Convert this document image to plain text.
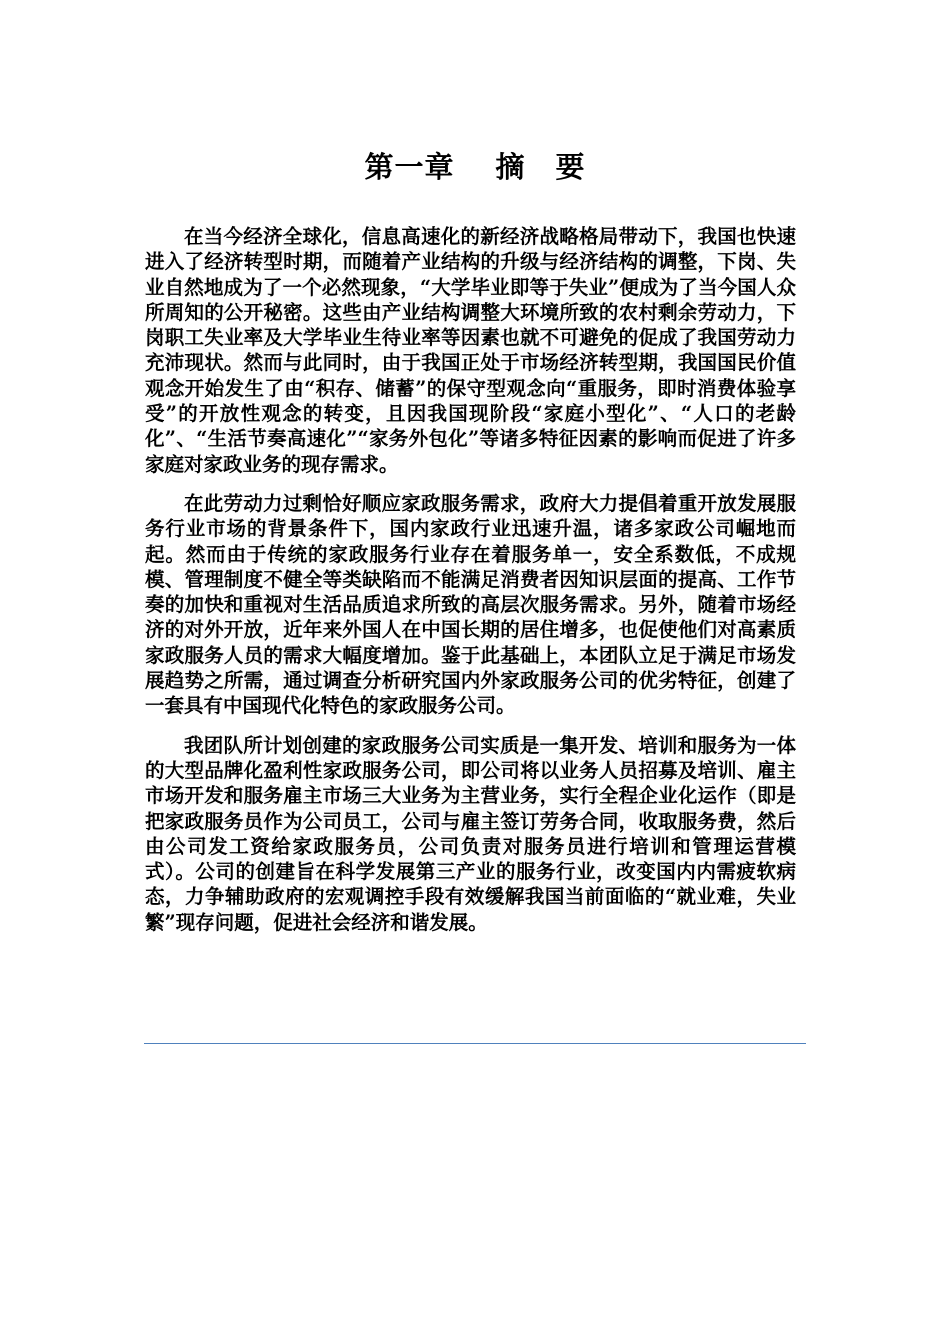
第一章　 摘　要

在当今经济全球化，信息高速化的新经济战略格局带动下，我国也快速进入了经济转型时期，而随着产业结构的升级与经济结构的调整，下岗、失业自然地成为了一个必然现象，“大学毕业即等于失业”便成为了当今国人众所周知的公开秘密。这些由产业结构调整大环境所致的农村剩余劳动力，下岗职工失业率及大学毕业生待业率等因素也就不可避免的促成了我国劳动力充沛现状。然而与此同时，由于我国正处于市场经济转型期，我国国民价值观念开始发生了由“积存、储蓄”的保守型观念向“重服务，即时消费体验享受”的开放性观念的转变，且因我国现阶段“家庭小型化”、“人口的老龄化”、“生活节奏高速化”“家务外包化”等诸多特征因素的影响而促进了许多家庭对家政业务的现存需求。

在此劳动力过剩恰好顺应家政服务需求，政府大力提倡着重开放发展服务行业市场的背景条件下，国内家政行业迅速升温，诸多家政公司崛地而起。然而由于传统的家政服务行业存在着服务单一，安全系数低，不成规模、管理制度不健全等类缺陷而不能满足消费者因知识层面的提高、工作节奏的加快和重视对生活品质追求所致的高层次服务需求。另外，随着市场经济的对外开放，近年来外国人在中国长期的居住增多，也促使他们对高素质家政服务人员的需求大幅度增加。鉴于此基础上，本团队立足于满足市场发展趋势之所需，通过调查分析研究国内外家政服务公司的优劣特征，创建了一套具有中国现代化特色的家政服务公司。

我团队所计划创建的家政服务公司实质是一集开发、培训和服务为一体的大型品牌化盈利性家政服务公司，即公司将以业务人员招募及培训、雇主市场开发和服务雇主市场三大业务为主营业务，实行全程企业化运作（即是把家政服务员作为公司员工，公司与雇主签订劳务合同，收取服务费，然后由公司发工资给家政服务员，公司负责对服务员进行培训和管理运营模式）。公司的创建旨在科学发展第三产业的服务行业，改变国内内需疲软病态，力争辅助政府的宏观调控手段有效缓解我国当前面临的“就业难，失业繁”现存问题，促进社会经济和谐发展。
